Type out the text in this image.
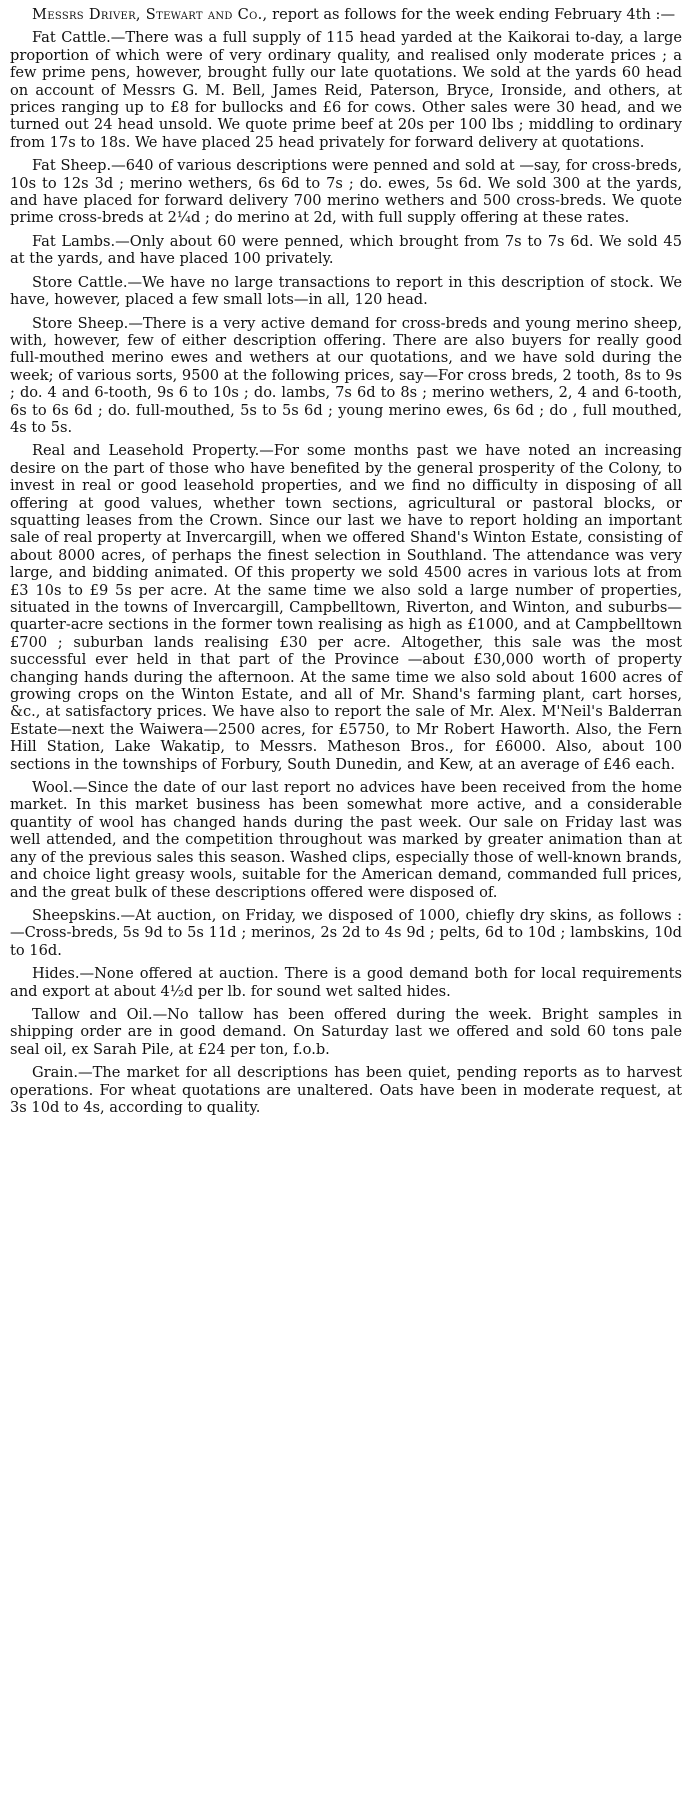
Messrs Driver, Stewart and Co., report as follows for the week ending February 4th :—

Fat Cattle.—There was a full supply of 115 head yarded at the Kaikorai to-day, a large proportion of which were of very ordinary quality, and realised only moderate prices ; a few prime pens, however, brought fully our late quotations. We sold at the yards 60 head on account of Messrs G. M. Bell, James Reid, Paterson, Bryce, Ironside, and others, at prices ranging up to £8 for bullocks and £6 for cows. Other sales were 30 head, and we turned out 24 head unsold. We quote prime beef at 20s per 100 lbs ; middling to ordinary from 17s to 18s. We have placed 25 head privately for forward delivery at quotations.

Fat Sheep.—640 of various descriptions were penned and sold at —say, for cross-breds, 10s to 12s 3d ; merino wethers, 6s 6d to 7s ; do. ewes, 5s 6d. We sold 300 at the yards, and have placed for forward delivery 700 merino wethers and 500 cross-breds. We quote prime cross-breds at 2¼d ; do merino at 2d, with full supply offering at these rates.

Fat Lambs.—Only about 60 were penned, which brought from 7s to 7s 6d. We sold 45 at the yards, and have placed 100 privately.

Store Cattle.—We have no large transactions to report in this description of stock. We have, however, placed a few small lots—in all, 120 head.

Store Sheep.—There is a very active demand for cross-breds and young merino sheep, with, however, few of either description offering. There are also buyers for really good full-mouthed merino ewes and wethers at our quotations, and we have sold during the week; of various sorts, 9500 at the following prices, say—For cross breds, 2 tooth, 8s to 9s ; do. 4 and 6-tooth, 9s 6 to 10s ; do. lambs, 7s 6d to 8s ; merino wethers, 2, 4 and 6-tooth, 6s to 6s 6d ; do. full-mouthed, 5s to 5s 6d ; young merino ewes, 6s 6d ; do , full mouthed, 4s to 5s.

Real and Leasehold Property.—For some months past we have noted an increasing desire on the part of those who have benefited by the general prosperity of the Colony, to invest in real or good leasehold properties, and we find no difficulty in disposing of all offering at good values, whether town sections, agricultural or pastoral blocks, or squatting leases from the Crown. Since our last we have to report holding an important sale of real property at Invercargill, when we offered Shand's Winton Estate, consisting of about 8000 acres, of perhaps the finest selection in Southland. The attendance was very large, and bidding animated. Of this property we sold 4500 acres in various lots at from £3 10s to £9 5s per acre. At the same time we also sold a large number of properties, situated in the towns of Invercargill, Campbelltown, Riverton, and Winton, and suburbs—quarter-acre sections in the former town realising as high as £1000, and at Campbelltown £700 ; suburban lands realising £30 per acre. Altogether, this sale was the most successful ever held in that part of the Province —about £30,000 worth of property changing hands during the afternoon. At the same time we also sold about 1600 acres of growing crops on the Winton Estate, and all of Mr. Shand's farming plant, cart horses, &c., at satisfactory prices. We have also to report the sale of Mr. Alex. M'Neil's Balderran Estate—next the Waiwera—2500 acres, for £5750, to Mr Robert Haworth. Also, the Fern Hill Station, Lake Wakatip, to Messrs. Matheson Bros., for £6000. Also, about 100 sections in the townships of Forbury, South Dunedin, and Kew, at an average of £46 each.

Wool.—Since the date of our last report no advices have been received from the home market. In this market business has been somewhat more active, and a considerable quantity of wool has changed hands during the past week. Our sale on Friday last was well attended, and the competition throughout was marked by greater animation than at any of the previous sales this season. Washed clips, especially those of well-known brands, and choice light greasy wools, suitable for the American demand, commanded full prices, and the great bulk of these descriptions offered were disposed of.

Sheepskins.—At auction, on Friday, we disposed of 1000, chiefly dry skins, as follows :—Cross-breds, 5s 9d to 5s 11d ; merinos, 2s 2d to 4s 9d ; pelts, 6d to 10d ; lambskins, 10d to 16d.

Hides.—None offered at auction. There is a good demand both for local requirements and export at about 4½d per lb. for sound wet salted hides.

Tallow and Oil.—No tallow has been offered during the week. Bright samples in shipping order are in good demand. On Saturday last we offered and sold 60 tons pale seal oil, ex Sarah Pile, at £24 per ton, f.o.b.

Grain.—The market for all descriptions has been quiet, pending reports as to harvest operations. For wheat quotations are unaltered. Oats have been in moderate request, at 3s 10d to 4s, according to quality.
